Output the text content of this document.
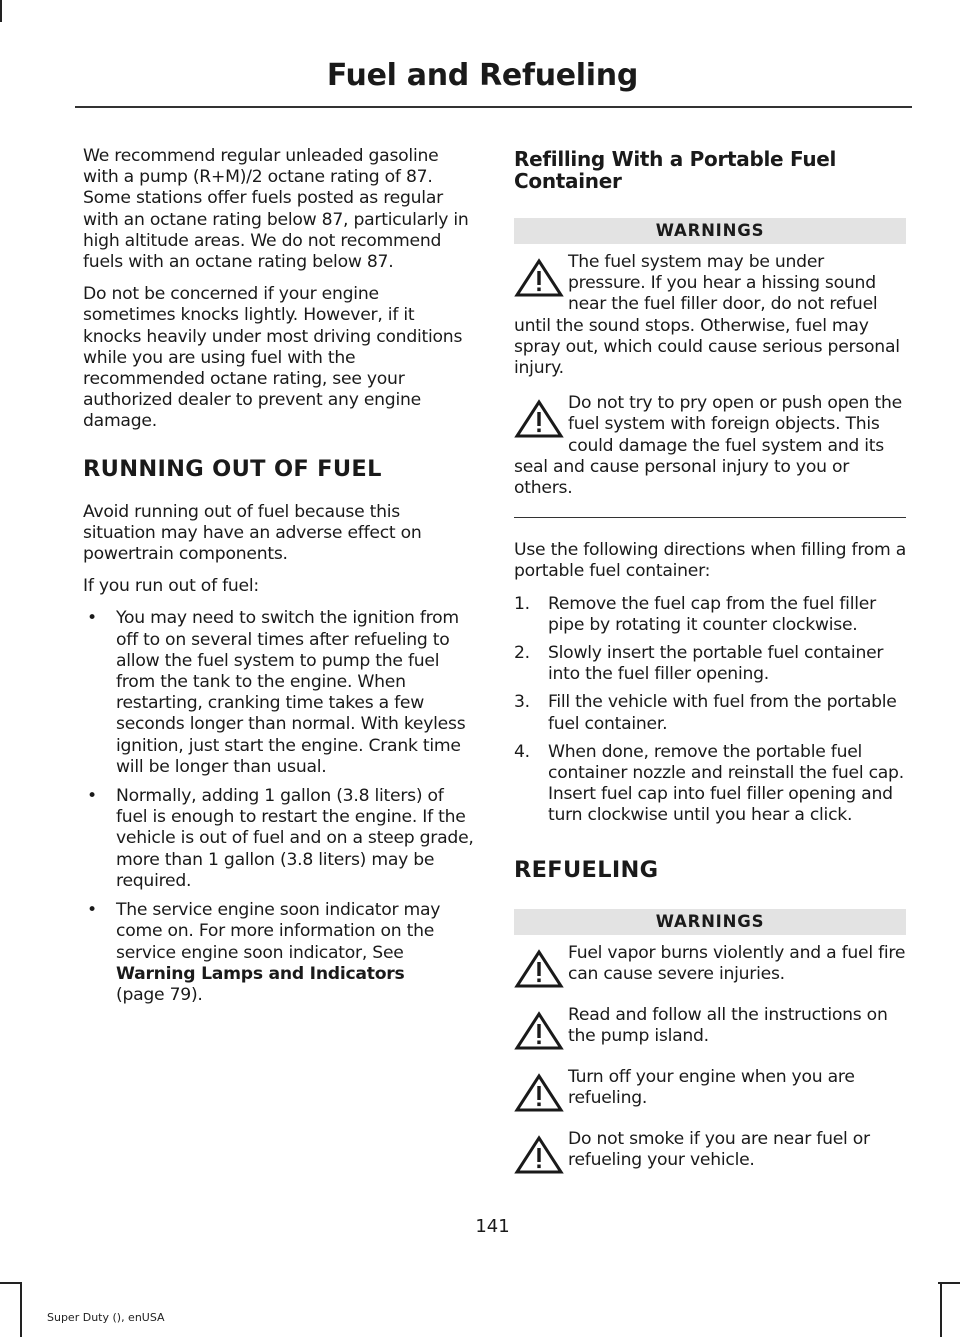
Fuel and Refueling

We recommend regular unleaded gasoline with a pump (R+M)/2 octane rating of 87. Some stations offer fuels posted as regular with an octane rating below 87, particularly in high altitude areas. We do not recommend fuels with an octane rating below 87.

Do not be concerned if your engine sometimes knocks lightly. However, if it knocks heavily under most driving conditions while you are using fuel with the recommended octane rating, see your authorized dealer to prevent any engine damage.

RUNNING OUT OF FUEL

Avoid running out of fuel because this situation may have an adverse effect on powertrain components.

If you run out of fuel:

• You may need to switch the ignition from off to on several times after refueling to allow the fuel system to pump the fuel from the tank to the engine. When restarting, cranking time takes a few seconds longer than normal. With keyless ignition, just start the engine. Crank time will be longer than usual.
• Normally, adding 1 gallon (3.8 liters) of fuel is enough to restart the engine. If the vehicle is out of fuel and on a steep grade, more than 1 gallon (3.8 liters) may be required.
• The service engine soon indicator may come on. For more information on the service engine soon indicator, See
Warning Lamps and Indicators
(page 79).
Refilling With a Portable Fuel Container
WARNINGS
The fuel system may be under pressure. If you hear a hissing sound near the fuel filler door, do not refuel until the sound stops. Otherwise, fuel may spray out, which could cause serious personal injury.
Do not try to pry open or push open the fuel system with foreign objects. This could damage the fuel system and its seal and cause personal injury to you or others.

Use the following directions when filling from a portable fuel container:

1. Remove the fuel cap from the fuel filler pipe by rotating it counter clockwise.
2. Slowly insert the portable fuel container into the fuel filler opening.
3. Fill the vehicle with fuel from the portable fuel container.
4. When done, remove the portable fuel container nozzle and reinstall the fuel cap. Insert fuel cap into fuel filler opening and turn clockwise until you hear a click.
REFUELING
WARNINGS
Fuel vapor burns violently and a fuel fire can cause severe injuries.
Read and follow all the instructions on the pump island.
Turn off your engine when you are refueling.
Do not smoke if you are near fuel or refueling your vehicle.
141
Super Duty (), enUSA
